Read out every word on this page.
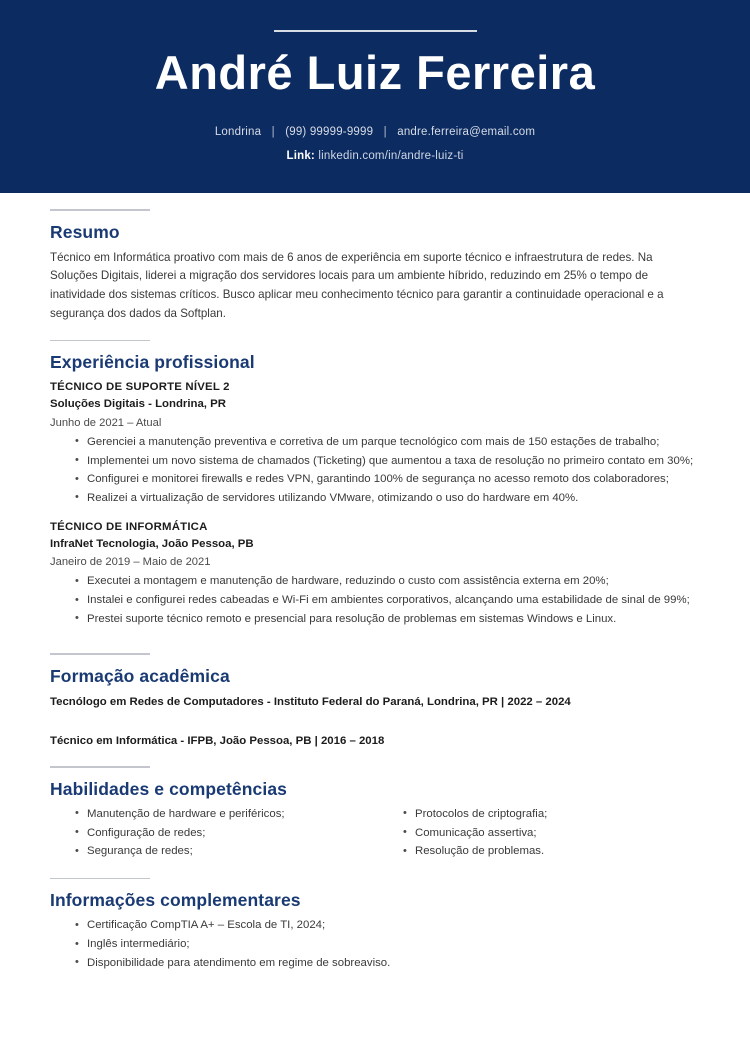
André Luiz Ferreira
Londrina | (99) 99999-9999 | andre.ferreira@email.com
Link: linkedin.com/in/andre-luiz-ti
Resumo

Técnico em Informática proativo com mais de 6 anos de experiência em suporte técnico e infraestrutura de redes. Na Soluções Digitais, liderei a migração dos servidores locais para um ambiente híbrido, reduzindo em 25% o tempo de inatividade dos sistemas críticos. Busco aplicar meu conhecimento técnico para garantir a continuidade operacional e a segurança dos dados da Softplan.

Experiência profissional
TÉCNICO DE SUPORTE NÍVEL 2
Soluções Digitais - Londrina, PR
Junho de 2021 – Atual
• Gerenciei a manutenção preventiva e corretiva de um parque tecnológico com mais de 150 estações de trabalho;
• Implementei um novo sistema de chamados (Ticketing) que aumentou a taxa de resolução no primeiro contato em 30%;
• Configurei e monitorei firewalls e redes VPN, garantindo 100% de segurança no acesso remoto dos colaboradores;
• Realizei a virtualização de servidores utilizando VMware, otimizando o uso do hardware em 40%.
TÉCNICO DE INFORMÁTICA
InfraNet Tecnologia, João Pessoa, PB
Janeiro de 2019 – Maio de 2021
• Executei a montagem e manutenção de hardware, reduzindo o custo com assistência externa em 20%;
• Instalei e configurei redes cabeadas e Wi-Fi em ambientes corporativos, alcançando uma estabilidade de sinal de 99%;
• Prestei suporte técnico remoto e presencial para resolução de problemas em sistemas Windows e Linux.
Formação acadêmica
Tecnólogo em Redes de Computadores - Instituto Federal do Paraná, Londrina, PR | 2022 – 2024
Técnico em Informática - IFPB, João Pessoa, PB | 2016 – 2018
Habilidades e competências
• Manutenção de hardware e periféricos;
• Configuração de redes;
• Segurança de redes;
• Protocolos de criptografia;
• Comunicação assertiva;
• Resolução de problemas.
Informações complementares
• Certificação CompTIA A+ – Escola de TI, 2024;
• Inglês intermediário;
• Disponibilidade para atendimento em regime de sobreaviso.
